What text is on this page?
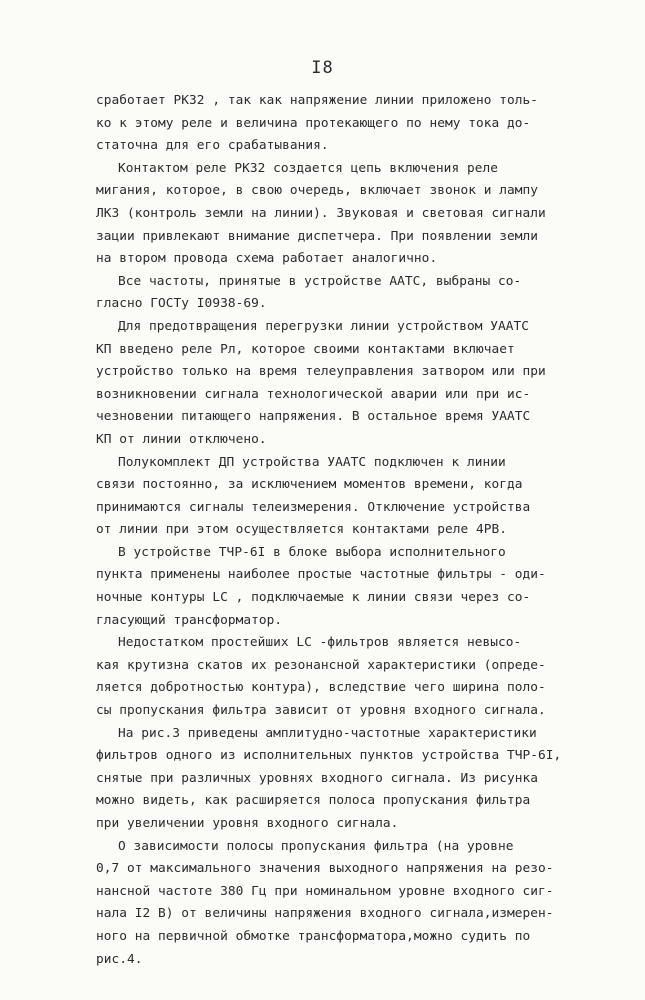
I8
сработает РК32 , так как напряжение линии приложено толь-
ко к этому реле и величина протекающего по нему тока до-
статочна для его срабатывания.
Контактом реле РК32 создается цепь включения реле
мигания, которое, в свою очередь, включает звонок и лампу
ЛКЗ (контроль земли на линии). Звуковая и световая сигнали
зации привлекают внимание диспетчера. При появлении земли
на втором провода схема работает аналогично.
Все частоты, принятые в устройстве ААТС, выбраны со-
гласно ГОСТу I0938-69.
Для предотвращения перегрузки линии устройством УААТС
КП введено реле Рл, которое своими контактами включает
устройство только на время телеуправления затвором или при
возникновении сигнала технологической аварии или при ис-
чезновении питающего напряжения. В остальное время УААТС
КП от линии отключено.
Полукомплект ДП устройства УААТС подключен к линии
связи постоянно, за исключением моментов времени, когда
принимаются сигналы телеизмерения. Отключение устройства
от линии при этом осуществляется контактами реле 4РВ.
В устройстве ТЧР-6I в блоке выбора исполнительного
пункта применены наиболее простые частотные фильтры - оди-
ночные контуры LC , подключаемые к линии связи через со-
гласующий трансформатор.
Недостатком простейших LC -фильтров является невысо-
кая крутизна скатов их резонансной характеристики (опреде-
ляется добротностью контура), вследствие чего ширина поло-
сы пропускания фильтра зависит от уровня входного сигнала.
На рис.3 приведены амплитудно-частотные характеристики
фильтров одного из исполнительных пунктов устройства ТЧР-6I,
снятые при различных уровнях входного сигнала. Из рисунка
можно видеть, как расширяется полоса пропускания фильтра
при увеличении уровня входного сигнала.
О зависимости полосы пропускания фильтра (на уровне
0,7 от максимального значения выходного напряжения на резо-
нансной частоте 380 Гц при номинальном уровне входного сиг-
нала I2 В) от величины напряжения входного сигнала,измерен-
ного на первичной обмотке трансформатора,можно судить по
рис.4.
